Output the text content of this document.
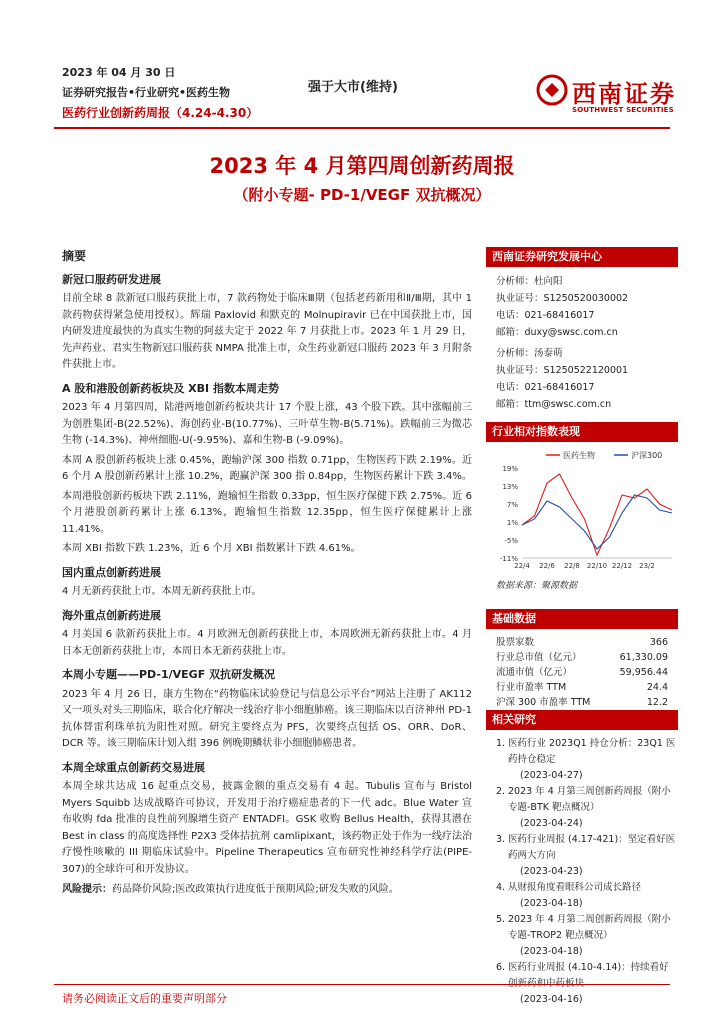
2023 年 04 月 30 日
证券研究报告•行业研究•医药生物
医药行业创新药周报（4.24-4.30）
强于大市(维持)	西南证券
SOUTHWEST SECURITIES
2023 年 4 月第四周创新药周报
（附小专题- PD-1/VEGF 双抗概况）
摘要
新冠口服药研发进展
目前全球 8 款新冠口服药获批上市，7 款药物处于临床Ⅲ期（包括老药新用和Ⅱ/Ⅲ期，其中 1 款药物获得紧急使用授权）。辉瑞 Paxlovid 和默克的 Molnupiravir 已在中国获批上市，国内研发进度最快的为真实生物的阿兹夫定于 2022 年 7 月获批上市。2023 年 1 月 29 日，先声药业、君实生物新冠口服药获 NMPA 批准上市，众生药业新冠口服药 2023 年 3 月附条件获批上市。
A 股和港股创新药板块及 XBI 指数本周走势
2023 年 4 月第四周，陆港两地创新药板块共计 17 个股上涨，43 个股下跌。其中涨幅前三为创胜集团-B(22.52%)、海创药业-B(10.77%)、三叶草生物-B(5.71%)。跌幅前三为微芯生物 (-14.3%)、神州细胞-U(-9.95%)、嘉和生物-B (-9.09%)。
本周 A 股创新药板块上涨 0.45%，跑输沪深 300 指数 0.71pp，生物医药下跌 2.19%。近 6 个月 A 股创新药累计上涨 10.2%，跑赢沪深 300 指 0.84pp，生物医药累计下跌 3.4%。
本周港股创新药板块下跌 2.11%，跑输恒生指数 0.33pp，恒生医疗保健下跌 2.75%。近 6 个月港股创新药累计上涨 6.13%，跑输恒生指数 12.35pp，恒生医疗保健累计上涨 11.41%。
本周 XBI 指数下跌 1.23%，近 6 个月 XBI 指数累计下跌 4.61%。
国内重点创新药进展
4 月无新药获批上市。本周无新药获批上市。
海外重点创新药进展
4 月美国 6 款新药获批上市。4 月欧洲无创新药获批上市，本周欧洲无新药获批上市。4 月日本无创新药获批上市，本周日本无新药获批上市。
本周小专题——PD-1/VEGF 双抗研发概况
2023 年 4 月 26 日，康方生物在“药物临床试验登记与信息公示平台”网站上注册了 AK112 又一项头对头三期临床，联合化疗解决一线治疗非小细胞肺癌。该三期临床以百济神州 PD-1 抗体替雷利珠单抗为阳性对照。研究主要终点为 PFS，次要终点包括 OS、ORR、DoR、DCR 等。该三期临床计划入组 396 例晚期鳞状非小细胞肺癌患者。
本周全球重点创新药交易进展
本周全球共达成 16 起重点交易，披露金额的重点交易有 4 起。Tubulis 宣布与 Bristol Myers Squibb 达成战略许可协议，开发用于治疗癌症患者的下一代 adc。Blue Water 宣布收购 fda 批准的良性前列腺增生资产 ENTADFI。GSK 收购 Bellus Health，获得其潜在 Best in class 的高度选择性 P2X3 受体拮抗剂 camlipixant，该药物正处于作为一线疗法治疗慢性咳嗽的 III 期临床试验中。Pipeline Therapeutics 宣布研究性神经科学疗法(PIPE-307)的全球许可和开发协议。
风险提示：药品降价风险;医改政策执行进度低于预期风险;研发失败的风险。
西南证券研究发展中心
分析师：杜向阳
执业证号：S1250520030002
电话：021-68416017
邮箱：duxy@swsc.com.cn
分析师：汤泰萌
执业证号：S1250522120001
电话：021-68416017
邮箱：ttm@swsc.com.cn
行业相对指数表现
19%
13%
7%
1%
-5%
-11%
22/4 22/6 22/8 22/10 22/12 23/2
医药生物	沪深300
数据来源：聚源数据
基础数据
股票家数	366
行业总市值（亿元）	61,330.09
流通市值（亿元）	59,956.44
行业市盈率 TTM	24.4
沪深 300 市盈率 TTM	12.2
相关研究
1. 医药行业 2023Q1 持仓分析：23Q1 医药持仓稳定
(2023-04-27)
2. 2023 年 4 月第三周创新药周报（附小专题-BTK 靶点概况）
(2023-04-24)
3. 医药行业周报 (4.17-421)：坚定看好医药两大方向
(2023-04-23)
4. 从财报角度看眼科公司成长路径
(2023-04-18)
5. 2023 年 4 月第二周创新药周报（附小专题-TROP2 靶点概况）
(2023-04-18)
6. 医药行业周报 (4.10-4.14)：持续看好
(2023-04-16)
请务必阅读正文后的重要声明部分
